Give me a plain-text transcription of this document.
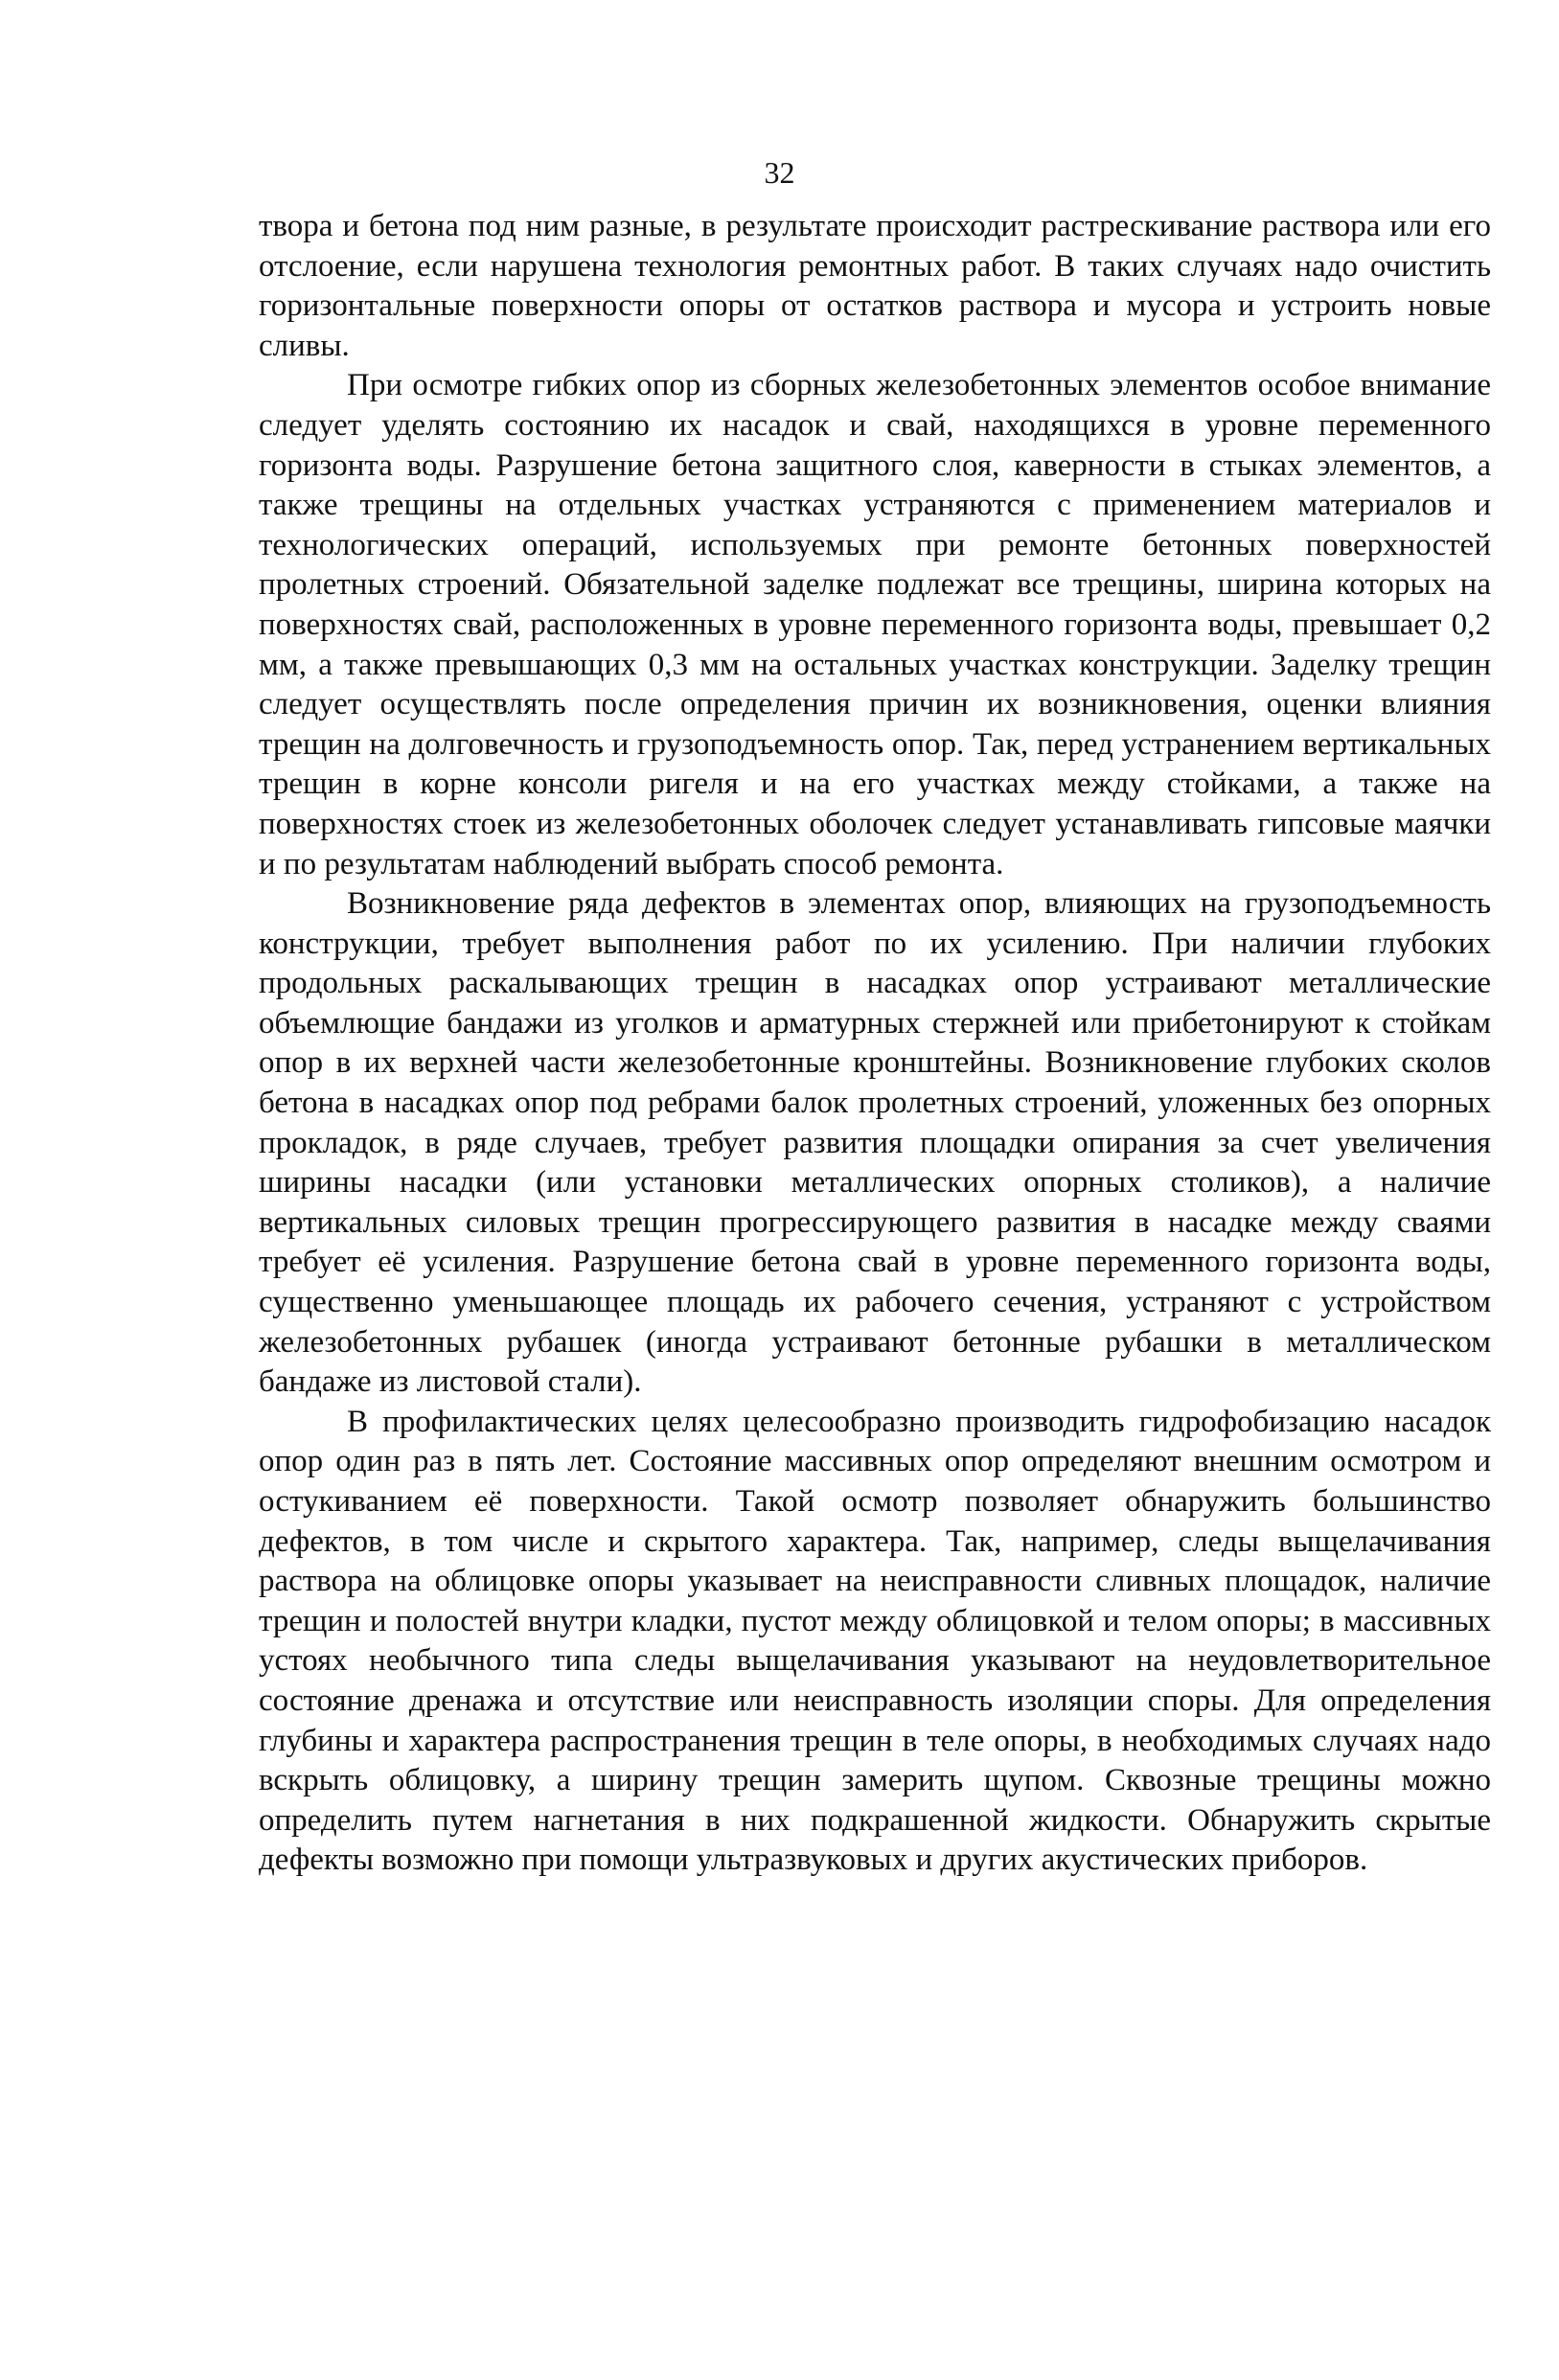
32

твора и бетона под ним разные, в результате происходит растрескивание раствора или его отслоение, если нарушена технология ремонтных работ. В таких случаях надо очистить горизонтальные поверхности опоры от остатков раствора и мусора и устроить новые сливы.

При осмотре гибких опор из сборных железобетонных элементов особое внимание следует уделять состоянию их насадок и свай, находящихся в уровне переменного горизонта воды. Разрушение бетона защитного слоя, каверности в стыках элементов, а также трещины на отдельных участках устраняются с применением материалов и технологических операций, используемых при ремонте бетонных поверхностей пролетных строений. Обязательной заделке подлежат все трещины, ширина которых на поверхностях свай, расположенных в уровне переменного горизонта воды, превышает 0,2 мм, а также превышающих 0,3 мм на остальных участках конструкции. Заделку трещин следует осуществлять после определения причин их возникновения, оценки влияния трещин на долговечность и грузоподъемность опор. Так, перед устранением вертикальных трещин в корне консоли ригеля и на его участках между стойками, а также на поверхностях стоек из железобетонных оболочек следует устанавливать гипсовые маячки и по результатам наблюдений выбрать способ ремонта.

Возникновение ряда дефектов в элементах опор, влияющих на грузоподъемность конструкции, требует выполнения работ по их усилению. При наличии глубоких продольных раскалывающих трещин в насадках опор устраивают металлические объемлющие бандажи из уголков и арматурных стержней или прибетонируют к стойкам опор в их верхней части железобетонные кронштейны. Возникновение глубоких сколов бетона в насадках опор под ребрами балок пролетных строений, уложенных без опорных прокладок, в ряде случаев, требует развития площадки опирания за счет увеличения ширины насадки (или установки металлических опорных столиков), а наличие вертикальных силовых трещин прогрессирующего развития в насадке между сваями требует её усиления. Разрушение бетона свай в уровне переменного горизонта воды, существенно уменьшающее площадь их рабочего сечения, устраняют с устройством железобетонных рубашек (иногда устраивают бетонные рубашки в металлическом бандаже из листовой стали).

В профилактических целях целесообразно производить гидрофобизацию насадок опор один раз в пять лет. Состояние массивных опор определяют внешним осмотром и остукиванием её поверхности. Такой осмотр позволяет обнаружить большинство дефектов, в том числе и скрытого характера. Так, например, следы выщелачивания раствора на облицовке опоры указывает на неисправности сливных площадок, наличие трещин и полостей внутри кладки, пустот между облицовкой и телом опоры; в массивных устоях необычного типа следы выщелачивания указывают на неудовлетворительное состояние дренажа и отсутствие или неисправность изоляции споры. Для определения глубины и характера распространения трещин в теле опоры, в необходимых случаях надо вскрыть облицовку, а ширину трещин замерить щупом. Сквозные трещины можно определить путем нагнетания в них подкрашенной жидкости. Обнаружить скрытые дефекты возможно при помощи ультразвуковых и других акустических приборов.
